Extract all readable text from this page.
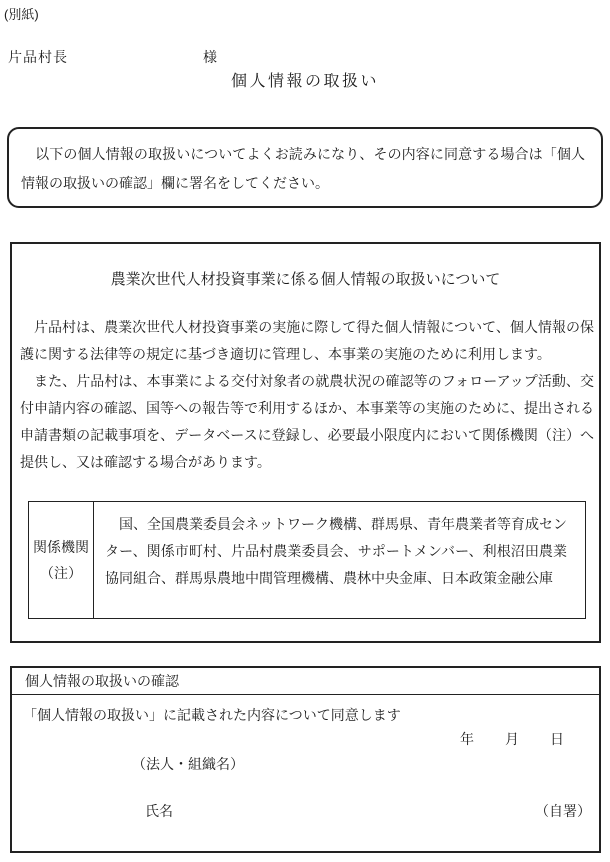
(別紙)
片品村長	様
個人情報の取扱い

　以下の個人情報の取扱いについてよくお読みになり、その内容に同意する場合は「個人情報の取扱いの確認」欄に署名をしてください。

農業次世代人材投資事業に係る個人情報の取扱いについて

　片品村は、農業次世代人材投資事業の実施に際して得た個人情報について、個人情報の保護に関する法律等の規定に基づき適切に管理し、本事業の実施のために利用します。

　また、片品村は、本事業による交付対象者の就農状況の確認等のフォローアップ活動、交付申請内容の確認、国等への報告等で利用するほか、本事業等の実施のために、提出される申請書類の記載事項を、データベースに登録し、必要最小限度内において関係機関（注）へ提供し、又は確認する場合があります。

関係機関
（注）
　国、全国農業委員会ネットワーク機構、群馬県、青年農業者等育成センター、関係市町村、片品村農業委員会、サポートメンバー、利根沼田農業協同組合、群馬県農地中間管理機構、農林中央金庫、日本政策金融公庫
個人情報の取扱いの確認
「個人情報の取扱い」に記載された内容について同意します
年 月 日
（法人・組織名）
氏名	（自署）
